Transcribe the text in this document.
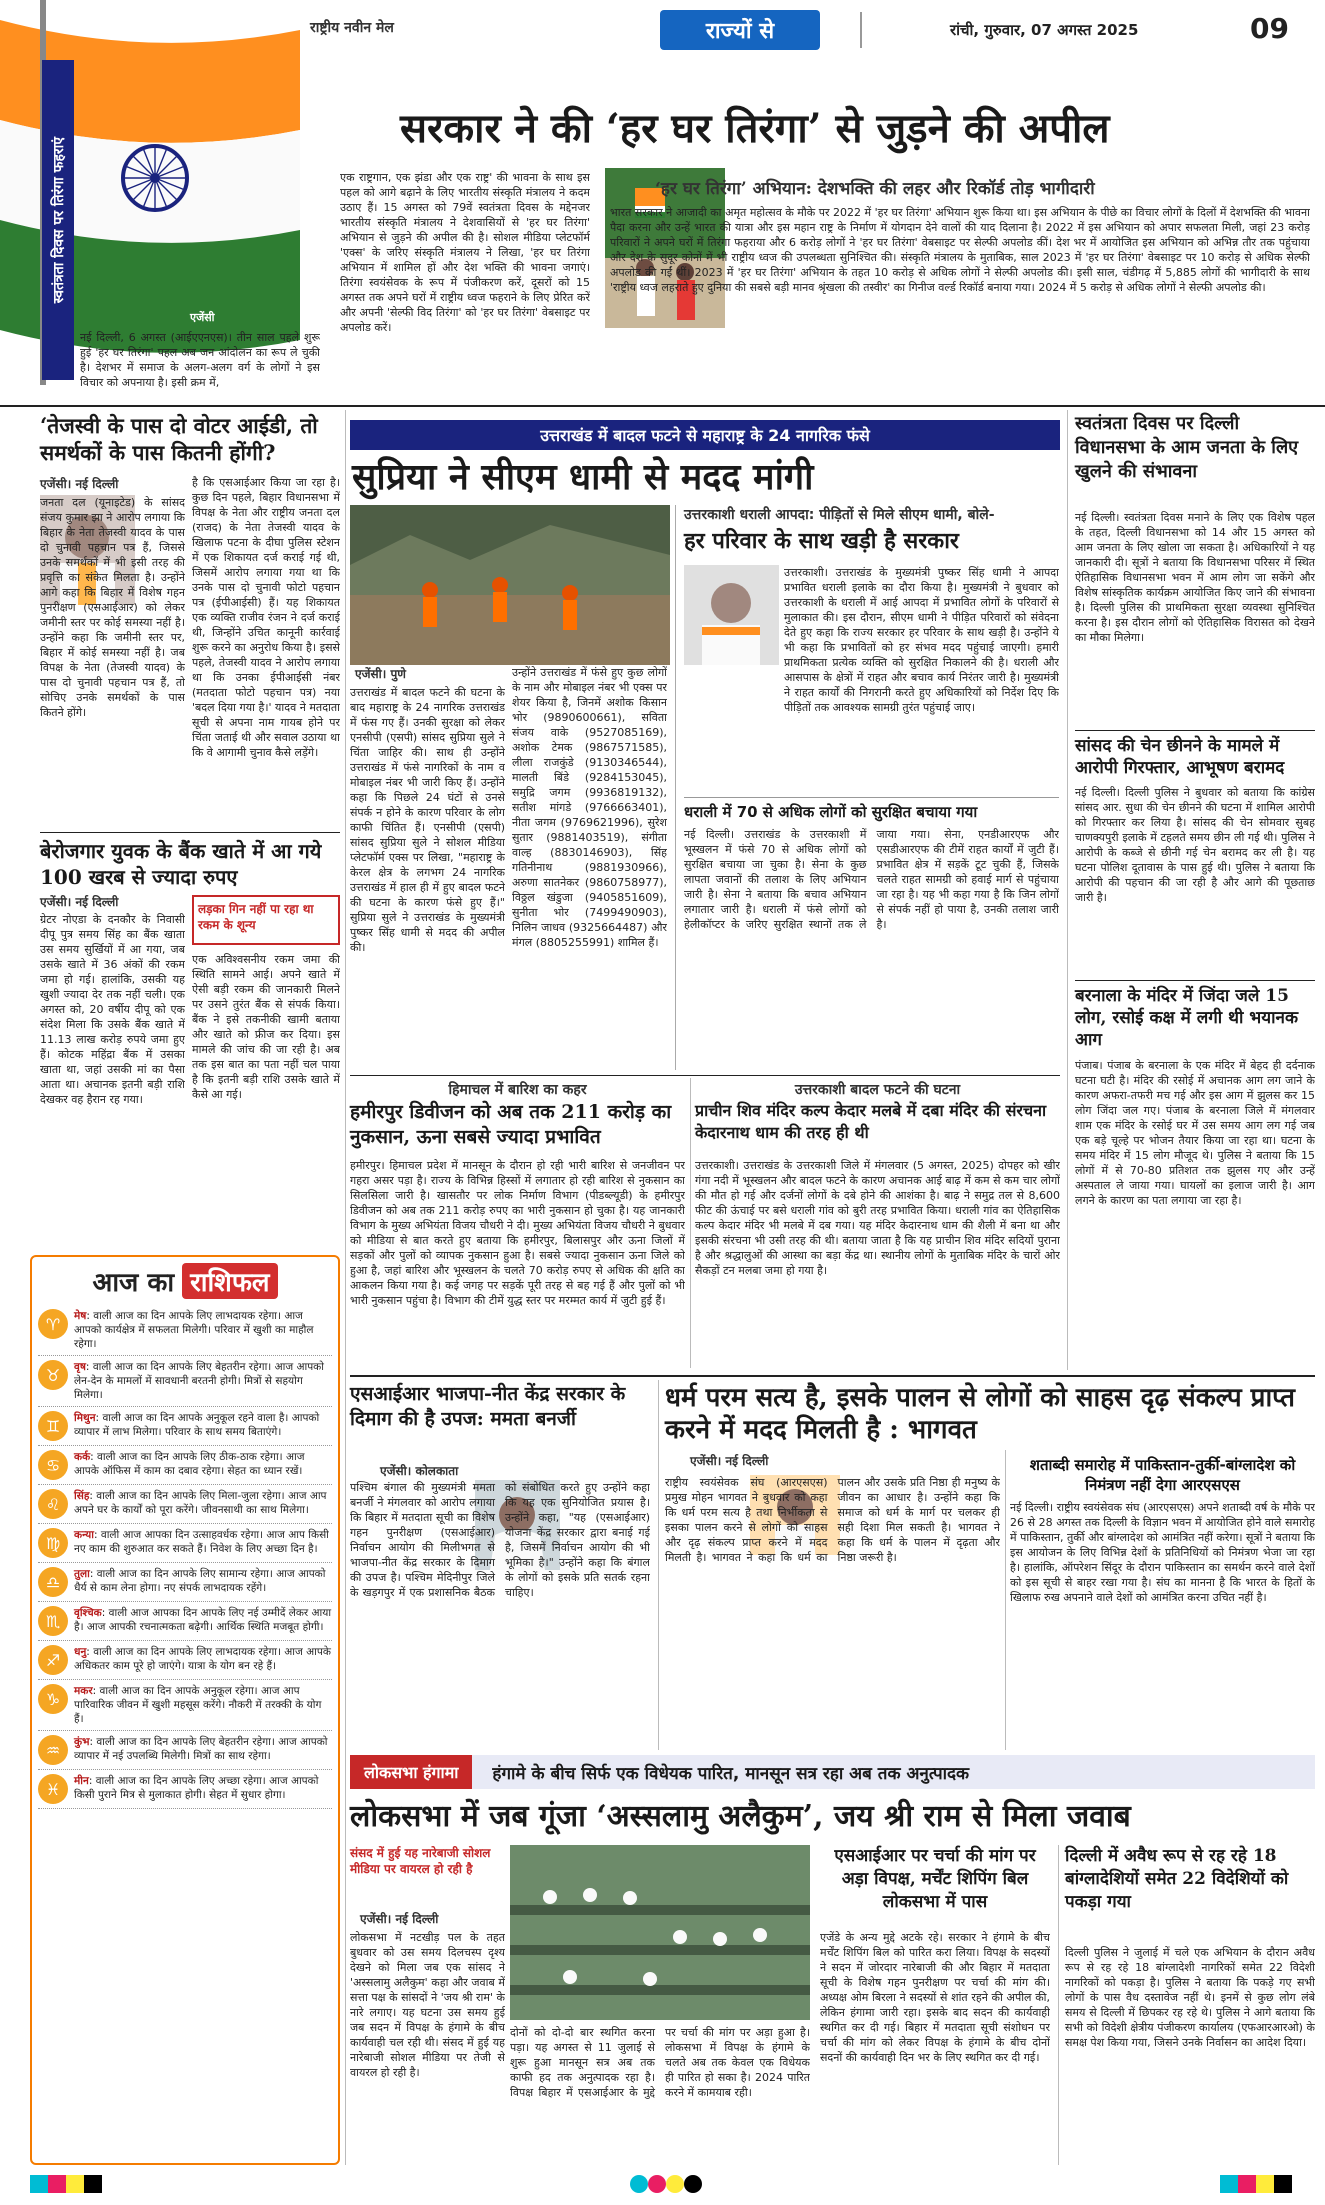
राष्ट्रीय नवीन मेल	राज्यों से	रांची, गुरुवार, 07 अगस्त 2025	09
स्वतंत्रता दिवस पर तिरंगा फहराएं
सरकार ने की ‘हर घर तिरंगा’ से जुड़ने की अपील
नई दिल्ली, 6 अगस्त (आईएएनएस)। तीन साल पहले शुरू हुई 'हर घर तिरंगा' पहल अब जन आंदोलन का रूप ले चुकी है। देशभर में समाज के अलग-अलग वर्ग के लोगों ने इस विचार को अपनाया है। इसी क्रम में,
एक राष्ट्रगान, एक झंडा और एक राष्ट्र' की भावना के साथ इस पहल को आगे बढ़ाने के लिए भारतीय संस्कृति मंत्रालय ने कदम उठाए हैं। 15 अगस्त को 79वें स्वतंत्रता दिवस के मद्देनजर भारतीय संस्कृति मंत्रालय ने देशवासियों से 'हर घर तिरंगा' अभियान से जुड़ने की अपील की है। सोशल मीडिया प्लेटफॉर्म 'एक्स' के जरिए संस्कृति मंत्रालय ने लिखा, 'हर घर तिरंगा अभियान में शामिल हों और देश भक्ति की भावना जगाएं। तिरंगा स्वयंसेवक के रूप में पंजीकरण करें, दूसरों को 15 अगस्त तक अपने घरों में राष्ट्रीय ध्वज फहराने के लिए प्रेरित करें और अपनी 'सेल्फी विद तिरंगा' को 'हर घर तिरंगा' वेबसाइट पर अपलोड करें।
एजेंसी
‘हर घर तिरंगा’ अभियान: देशभक्ति की लहर और रिकॉर्ड तोड़ भागीदारी
भारत सरकार ने आजादी का अमृत महोत्सव के मौके पर 2022 में 'हर घर तिरंगा' अभियान शुरू किया था। इस अभियान के पीछे का विचार लोगों के दिलों में देशभक्ति की भावना पैदा करना और उन्हें भारत की यात्रा और इस महान राष्ट्र के निर्माण में योगदान देने वालों की याद दिलाना है। 2022 में इस अभियान को अपार सफलता मिली, जहां 23 करोड़ परिवारों ने अपने घरों में तिरंगा फहराया और 6 करोड़ लोगों ने 'हर घर तिरंगा' वेबसाइट पर सेल्फी अपलोड कीं। देश भर में आयोजित इस अभियान को अभिन्न तौर तक पहुंचाया और देश के सुदूर कोनों में भी राष्ट्रीय ध्वज की उपलब्धता सुनिश्चित की। संस्कृति मंत्रालय के मुताबिक, साल 2023 में 'हर घर तिरंगा' वेबसाइट पर 10 करोड़ से अधिक सेल्फी अपलोड की गईं थीं। 2023 में 'हर घर तिरंगा' अभियान के तहत 10 करोड़ से अधिक लोगों ने सेल्फी अपलोड की। इसी साल, चंडीगढ़ में 5,885 लोगों की भागीदारी के साथ 'राष्ट्रीय ध्वज लहराते हुए दुनिया की सबसे बड़ी मानव श्रृंखला की तस्वीर' का गिनीज वर्ल्ड रिकॉर्ड बनाया गया। 2024 में 5 करोड़ से अधिक लोगों ने सेल्फी अपलोड की।
‘तेजस्वी के पास दो वोटर आईडी, तो समर्थकों के पास कितनी होंगी?
एजेंसी। नई दिल्ली
जनता दल (यूनाइटेड) के सांसद संजय कुमार झा ने आरोप लगाया कि बिहार के नेता तेजस्वी यादव के पास दो चुनावी पहचान पत्र हैं, जिससे उनके समर्थकों में भी इसी तरह की प्रवृत्ति का संकेत मिलता है। उन्होंने आगे कहा कि बिहार में विशेष गहन पुनरीक्षण (एसआईआर) को लेकर जमीनी स्तर पर कोई समस्या नहीं है। उन्होंने कहा कि जमीनी स्तर पर, बिहार में कोई समस्या नहीं है। जब विपक्ष के नेता (तेजस्वी यादव) के पास दो चुनावी पहचान पत्र हैं, तो सोचिए उनके समर्थकों के पास कितने होंगे।
है कि एसआईआर किया जा रहा है। कुछ दिन पहले, बिहार विधानसभा में विपक्ष के नेता और राष्ट्रीय जनता दल (राजद) के नेता तेजस्वी यादव के खिलाफ पटना के दीघा पुलिस स्टेशन में एक शिकायत दर्ज कराई गई थी, जिसमें आरोप लगाया गया था कि उनके पास दो चुनावी फोटो पहचान पत्र (ईपीआईसी) हैं। यह शिकायत एक व्यक्ति राजीव रंजन ने दर्ज कराई थी, जिन्होंने उचित कानूनी कार्रवाई शुरू करने का अनुरोध किया है। इससे पहले, तेजस्वी यादव ने आरोप लगाया था कि उनका ईपीआईसी नंबर (मतदाता फोटो पहचान पत्र) नया 'बदल दिया गया है।' यादव ने मतदाता सूची से अपना नाम गायब होने पर चिंता जताई थी और सवाल उठाया था कि वे आगामी चुनाव कैसे लड़ेंगे।
बेरोजगार युवक के बैंक खाते में आ गये 100 खरब से ज्यादा रुपए
एजेंसी। नई दिल्ली
ग्रेटर नोएडा के दनकौर के निवासी दीपू पुत्र समय सिंह का बैंक खाता उस समय सुर्खियों में आ गया, जब उसके खाते में 36 अंकों की रकम जमा हो गई। हालांकि, उसकी यह खुशी ज्यादा देर तक नहीं चली। एक अगस्त को, 20 वर्षीय दीपू को एक संदेश मिला कि उसके बैंक खाते में 11.13 लाख करोड़ रुपये जमा हुए हैं। कोटक महिंद्रा बैंक में उसका खाता था, जहां उसकी मां का पैसा आता था। अचानक इतनी बड़ी राशि देखकर वह हैरान रह गया।
लड़का गिन नहीं पा रहा था रकम के शून्य
एक अविश्वसनीय रकम जमा की स्थिति सामने आई। अपने खाते में ऐसी बड़ी रकम की जानकारी मिलने पर उसने तुरंत बैंक से संपर्क किया। बैंक ने इसे तकनीकी खामी बताया और खाते को फ्रीज कर दिया। इस मामले की जांच की जा रही है। अब तक इस बात का पता नहीं चल पाया है कि इतनी बड़ी राशि उसके खाते में कैसे आ गई।
उत्तराखंड में बादल फटने से महाराष्ट्र के 24 नागरिक फंसे
सुप्रिया ने सीएम धामी से मदद मांगी
एजेंसी। पुणे
उत्तराखंड में बादल फटने की घटना के बाद महाराष्ट्र के 24 नागरिक उत्तराखंड में फंस गए हैं। उनकी सुरक्षा को लेकर एनसीपी (एसपी) सांसद सुप्रिया सुले ने चिंता जाहिर की। साथ ही उन्होंने उत्तराखंड में फंसे नागरिकों के नाम व मोबाइल नंबर भी जारी किए हैं। उन्होंने कहा कि पिछले 24 घंटों से उनसे संपर्क न होने के कारण परिवार के लोग काफी चिंतित हैं। एनसीपी (एसपी) सांसद सुप्रिया सुले ने सोशल मीडिया प्लेटफॉर्म एक्स पर लिखा, "महाराष्ट्र के केरल क्षेत्र के लगभग 24 नागरिक उत्तराखंड में हाल ही में हुए बादल फटने की घटना के कारण फंसे हुए हैं।" सुप्रिया सुले ने उत्तराखंड के मुख्यमंत्री पुष्कर सिंह धामी से मदद की अपील की।
उन्होंने उत्तराखंड में फंसे हुए कुछ लोगों के नाम और मोबाइल नंबर भी एक्स पर शेयर किया है, जिनमें अशोक किसान भोर (9890600661), सविता संजय वाके (9527085169), अशोक टेमक (9867571585), लीला राजकुंडे (9130346544), मालती बिंडे (9284153045), समुद्रि जगम (9936819132), सतीश मांगडे (9766663401), नीता जगम (9769621996), सुरेश सुतार (9881403519), संगीता वाल्ह (8830146903), सिंह गतिनीनाथ (9881930966), अरुणा सातनेकर (9860758977), विठ्ठल खंडुजा (9405851609), सुनीता भोर (7499490903), निलिन जाधव (9325664487) और मंगल (8805255991) शामिल हैं।
उत्तरकाशी धराली आपदा: पीड़ितों से मिले सीएम धामी, बोले-
हर परिवार के साथ खड़ी है सरकार
उत्तरकाशी। उत्तराखंड के मुख्यमंत्री पुष्कर सिंह धामी ने आपदा प्रभावित धराली इलाके का दौरा किया है। मुख्यमंत्री ने बुधवार को उत्तरकाशी के धराली में आई आपदा में प्रभावित लोगों के परिवारों से मुलाकात की। इस दौरान, सीएम धामी ने पीड़ित परिवारों को संवेदना देते हुए कहा कि राज्य सरकार हर परिवार के साथ खड़ी है। उन्होंने ये भी कहा कि प्रभावितों को हर संभव मदद पहुंचाई जाएगी। हमारी प्राथमिकता प्रत्येक व्यक्ति को सुरक्षित निकालने की है। धराली और आसपास के क्षेत्रों में राहत और बचाव कार्य निरंतर जारी है। मुख्यमंत्री ने राहत कार्यों की निगरानी करते हुए अधिकारियों को निर्देश दिए कि पीड़ितों तक आवश्यक सामग्री तुरंत पहुंचाई जाए।
धराली में 70 से अधिक लोगों को सुरक्षित बचाया गया
नई दिल्ली। उत्तराखंड के उत्तरकाशी में भूस्खलन में फंसे 70 से अधिक लोगों को सुरक्षित बचाया जा चुका है। सेना के कुछ लापता जवानों की तलाश के लिए अभियान जारी है। सेना ने बताया कि बचाव अभियान लगातार जारी है। धराली में फंसे लोगों को हेलीकॉप्टर के जरिए सुरक्षित स्थानों तक ले जाया गया। सेना, एनडीआरएफ और एसडीआरएफ की टीमें राहत कार्यों में जुटी हैं। प्रभावित क्षेत्र में सड़कें टूट चुकी हैं, जिसके चलते राहत सामग्री को हवाई मार्ग से पहुंचाया जा रहा है। यह भी कहा गया है कि जिन लोगों से संपर्क नहीं हो पाया है, उनकी तलाश जारी है।
स्वतंत्रता दिवस पर दिल्ली विधानसभा के आम जनता के लिए खुलने की संभावना
नई दिल्ली। स्वतंत्रता दिवस मनाने के लिए एक विशेष पहल के तहत, दिल्ली विधानसभा को 14 और 15 अगस्त को आम जनता के लिए खोला जा सकता है। अधिकारियों ने यह जानकारी दी। सूत्रों ने बताया कि विधानसभा परिसर में स्थित ऐतिहासिक विधानसभा भवन में आम लोग जा सकेंगे और विशेष सांस्कृतिक कार्यक्रम आयोजित किए जाने की संभावना है। दिल्ली पुलिस की प्राथमिकता सुरक्षा व्यवस्था सुनिश्चित करना है। इस दौरान लोगों को ऐतिहासिक विरासत को देखने का मौका मिलेगा।
सांसद की चेन छीनने के मामले में आरोपी गिरफ्तार, आभूषण बरामद
नई दिल्ली। दिल्ली पुलिस ने बुधवार को बताया कि कांग्रेस सांसद आर. सुधा की चेन छीनने की घटना में शामिल आरोपी को गिरफ्तार कर लिया है। सांसद की चेन सोमवार सुबह चाणक्यपुरी इलाके में टहलते समय छीन ली गई थी। पुलिस ने आरोपी के कब्जे से छीनी गई चेन बरामद कर ली है। यह घटना पोलिश दूतावास के पास हुई थी। पुलिस ने बताया कि आरोपी की पहचान की जा रही है और आगे की पूछताछ जारी है।
बरनाला के मंदिर में जिंदा जले 15 लोग, रसोई कक्ष में लगी थी भयानक आग
पंजाब। पंजाब के बरनाला के एक मंदिर में बेहद ही दर्दनाक घटना घटी है। मंदिर की रसोई में अचानक आग लग जाने के कारण अफरा-तफरी मच गई और इस आग में झुलस कर 15 लोग जिंदा जल गए। पंजाब के बरनाला जिले में मंगलवार शाम एक मंदिर के रसोई घर में उस समय आग लग गई जब एक बड़े चूल्हे पर भोजन तैयार किया जा रहा था। घटना के समय मंदिर में 15 लोग मौजूद थे। पुलिस ने बताया कि 15 लोगों में से 70-80 प्रतिशत तक झुलस गए और उन्हें अस्पताल ले जाया गया। घायलों का इलाज जारी है। आग लगने के कारण का पता लगाया जा रहा है।
हिमाचल में बारिश का कहर
हमीरपुर डिवीजन को अब तक 211 करोड़ का नुकसान, ऊना सबसे ज्यादा प्रभावित
हमीरपुर। हिमाचल प्रदेश में मानसून के दौरान हो रही भारी बारिश से जनजीवन पर गहरा असर पड़ा है। राज्य के विभिन्न हिस्सों में लगातार हो रही बारिश से नुकसान का सिलसिला जारी है। खासतौर पर लोक निर्माण विभाग (पीडब्ल्यूडी) के हमीरपुर डिवीजन को अब तक 211 करोड़ रुपए का भारी नुकसान हो चुका है। यह जानकारी विभाग के मुख्य अभियंता विजय चौधरी ने दी। मुख्य अभियंता विजय चौधरी ने बुधवार को मीडिया से बात करते हुए बताया कि हमीरपुर, बिलासपुर और ऊना जिलों में सड़कों और पुलों को व्यापक नुकसान हुआ है। सबसे ज्यादा नुकसान ऊना जिले को हुआ है, जहां बारिश और भूस्खलन के चलते 70 करोड़ रुपए से अधिक की क्षति का आकलन किया गया है। कई जगह पर सड़कें पूरी तरह से बह गई हैं और पुलों को भी भारी नुकसान पहुंचा है। विभाग की टीमें युद्ध स्तर पर मरम्मत कार्य में जुटी हुई हैं।
उत्तरकाशी बादल फटने की घटना
प्राचीन शिव मंदिर कल्प केदार मलबे में दबा मंदिर की संरचना केदारनाथ धाम की तरह ही थी
उत्तरकाशी। उत्तराखंड के उत्तरकाशी जिले में मंगलवार (5 अगस्त, 2025) दोपहर को खीर गंगा नदी में भूस्खलन और बादल फटने के कारण अचानक आई बाढ़ में कम से कम चार लोगों की मौत हो गई और दर्जनों लोगों के दबे होने की आशंका है। बाढ़ ने समुद्र तल से 8,600 फीट की ऊंचाई पर बसे धराली गांव को बुरी तरह प्रभावित किया। धराली गांव का ऐतिहासिक कल्प केदार मंदिर भी मलबे में दब गया। यह मंदिर केदारनाथ धाम की शैली में बना था और इसकी संरचना भी उसी तरह की थी। बताया जाता है कि यह प्राचीन शिव मंदिर सदियों पुराना है और श्रद्धालुओं की आस्था का बड़ा केंद्र था। स्थानीय लोगों के मुताबिक मंदिर के चारों ओर सैकड़ों टन मलबा जमा हो गया है।
आज का राशिफल
♈	मेष: वाली आज का दिन आपके लिए लाभदायक रहेगा। आज आपको कार्यक्षेत्र में सफलता मिलेगी। परिवार में खुशी का माहौल रहेगा।
♉	वृष: वाली आज का दिन आपके लिए बेहतरीन रहेगा। आज आपको लेन-देन के मामलों में सावधानी बरतनी होगी। मित्रों से सहयोग मिलेगा।
♊	मिथुन: वाली आज का दिन आपके अनुकूल रहने वाला है। आपको व्यापार में लाभ मिलेगा। परिवार के साथ समय बिताएंगे।
♋	कर्क: वाली आज का दिन आपके लिए ठीक-ठाक रहेगा। आज आपके ऑफिस में काम का दबाव रहेगा। सेहत का ध्यान रखें।
♌	सिंह: वाली आज का दिन आपके लिए मिला-जुला रहेगा। आज आप अपने घर के कार्यों को पूरा करेंगे। जीवनसाथी का साथ मिलेगा।
♍	कन्या: वाली आज आपका दिन उत्साहवर्धक रहेगा। आज आप किसी नए काम की शुरुआत कर सकते हैं। निवेश के लिए अच्छा दिन है।
♎	तुला: वाली आज का दिन आपके लिए सामान्य रहेगा। आज आपको धैर्य से काम लेना होगा। नए संपर्क लाभदायक रहेंगे।
♏	वृश्चिक: वाली आज आपका दिन आपके लिए नई उम्मीदें लेकर आया है। आज आपकी रचनात्मकता बढ़ेगी। आर्थिक स्थिति मजबूत होगी।
♐	धनु: वाली आज का दिन आपके लिए लाभदायक रहेगा। आज आपके अधिकतर काम पूरे हो जाएंगे। यात्रा के योग बन रहे हैं।
♑	मकर: वाली आज का दिन आपके अनुकूल रहेगा। आज आप पारिवारिक जीवन में खुशी महसूस करेंगे। नौकरी में तरक्की के योग हैं।
♒	कुंभ: वाली आज का दिन आपके लिए बेहतरीन रहेगा। आज आपको व्यापार में नई उपलब्धि मिलेगी। मित्रों का साथ रहेगा।
♓	मीन: वाली आज का दिन आपके लिए अच्छा रहेगा। आज आपको किसी पुराने मित्र से मुलाकात होगी। सेहत में सुधार होगा।
एसआईआर भाजपा-नीत केंद्र सरकार के दिमाग की है उपज: ममता बनर्जी
एजेंसी। कोलकाता
पश्चिम बंगाल की मुख्यमंत्री ममता बनर्जी ने मंगलवार को आरोप लगाया कि बिहार में मतदाता सूची का विशेष गहन पुनरीक्षण (एसआईआर) निर्वाचन आयोग की मिलीभगत से भाजपा-नीत केंद्र सरकार के दिमाग की उपज है। पश्चिम मेदिनीपुर जिले के खड़गपुर में एक प्रशासनिक बैठक को संबोधित करते हुए उन्होंने कहा कि यह एक सुनियोजित प्रयास है। उन्होंने कहा, "यह (एसआईआर) योजना केंद्र सरकार द्वारा बनाई गई है, जिसमें निर्वाचन आयोग की भी भूमिका है।" उन्होंने कहा कि बंगाल के लोगों को इसके प्रति सतर्क रहना चाहिए।
धर्म परम सत्य है, इसके पालन से लोगों को साहस दृढ़ संकल्प प्राप्त करने में मदद मिलती है : भागवत
एजेंसी। नई दिल्ली
राष्ट्रीय स्वयंसेवक संघ (आरएसएस) प्रमुख मोहन भागवत ने बुधवार को कहा कि धर्म परम सत्य है तथा निर्भीकता से इसका पालन करने से लोगों को साहस और दृढ़ संकल्प प्राप्त करने में मदद मिलती है। भागवत ने कहा कि धर्म का पालन और उसके प्रति निष्ठा ही मनुष्य के जीवन का आधार है। उन्होंने कहा कि समाज को धर्म के मार्ग पर चलकर ही सही दिशा मिल सकती है। भागवत ने कहा कि धर्म के पालन में दृढ़ता और निष्ठा जरूरी है।
शताब्दी समारोह में पाकिस्तान-तुर्की-बांग्लादेश को निमंत्रण नहीं देगा आरएसएस
नई दिल्ली। राष्ट्रीय स्वयंसेवक संघ (आरएसएस) अपने शताब्दी वर्ष के मौके पर 26 से 28 अगस्त तक दिल्ली के विज्ञान भवन में आयोजित होने वाले समारोह में पाकिस्तान, तुर्की और बांग्लादेश को आमंत्रित नहीं करेगा। सूत्रों ने बताया कि इस आयोजन के लिए विभिन्न देशों के प्रतिनिधियों को निमंत्रण भेजा जा रहा है। हालांकि, ऑपरेशन सिंदूर के दौरान पाकिस्तान का समर्थन करने वाले देशों को इस सूची से बाहर रखा गया है। संघ का मानना है कि भारत के हितों के खिलाफ रुख अपनाने वाले देशों को आमंत्रित करना उचित नहीं है।
लोकसभा हंगामा	हंगामे के बीच सिर्फ एक विधेयक पारित, मानसून सत्र रहा अब तक अनुत्पादक
लोकसभा में जब गूंजा ‘अस्सलामु अलैकुम’, जय श्री राम से मिला जवाब
संसद में हुई यह नारेबाजी सोशल मीडिया पर वायरल हो रही है
एजेंसी। नई दिल्ली
लोकसभा में नटखीड़ पल के तहत बुधवार को उस समय दिलचस्प दृश्य देखने को मिला जब एक सांसद ने 'अस्सलामु अलैकुम' कहा और जवाब में सत्ता पक्ष के सांसदों ने 'जय श्री राम' के नारे लगाए। यह घटना उस समय हुई जब सदन में विपक्ष के हंगामे के बीच कार्यवाही चल रही थी। संसद में हुई यह नारेबाजी सोशल मीडिया पर तेजी से वायरल हो रही है।
दोनों को दो-दो बार स्थगित करना पड़ा। यह अगस्त से 11 जुलाई से शुरू हुआ मानसून सत्र अब तक काफी हद तक अनुत्पादक रहा है। विपक्ष बिहार में एसआईआर के मुद्दे पर चर्चा की मांग पर अड़ा हुआ है। लोकसभा में विपक्ष के हंगामे के चलते अब तक केवल एक विधेयक ही पारित हो सका है। 2024 पारित करने में कामयाब रही।
एसआईआर पर चर्चा की मांग पर अड़ा विपक्ष, मर्चेंट शिपिंग बिल लोकसभा में पास
एजेंडे के अन्य मुद्दे अटके रहे। सरकार ने हंगामे के बीच मर्चेंट शिपिंग बिल को पारित करा लिया। विपक्ष के सदस्यों ने सदन में जोरदार नारेबाजी की और बिहार में मतदाता सूची के विशेष गहन पुनरीक्षण पर चर्चा की मांग की। अध्यक्ष ओम बिरला ने सदस्यों से शांत रहने की अपील की, लेकिन हंगामा जारी रहा। इसके बाद सदन की कार्यवाही स्थगित कर दी गई। बिहार में मतदाता सूची संशोधन पर चर्चा की मांग को लेकर विपक्ष के हंगामे के बीच दोनों सदनों की कार्यवाही दिन भर के लिए स्थगित कर दी गई।
दिल्ली में अवैध रूप से रह रहे 18 बांग्लादेशियों समेत 22 विदेशियों को पकड़ा गया
दिल्ली पुलिस ने जुलाई में चले एक अभियान के दौरान अवैध रूप से रह रहे 18 बांग्लादेशी नागरिकों समेत 22 विदेशी नागरिकों को पकड़ा है। पुलिस ने बताया कि पकड़े गए सभी लोगों के पास वैध दस्तावेज नहीं थे। इनमें से कुछ लोग लंबे समय से दिल्ली में छिपकर रह रहे थे। पुलिस ने आगे बताया कि सभी को विदेशी क्षेत्रीय पंजीकरण कार्यालय (एफआरआरओ) के समक्ष पेश किया गया, जिसने उनके निर्वासन का आदेश दिया।
